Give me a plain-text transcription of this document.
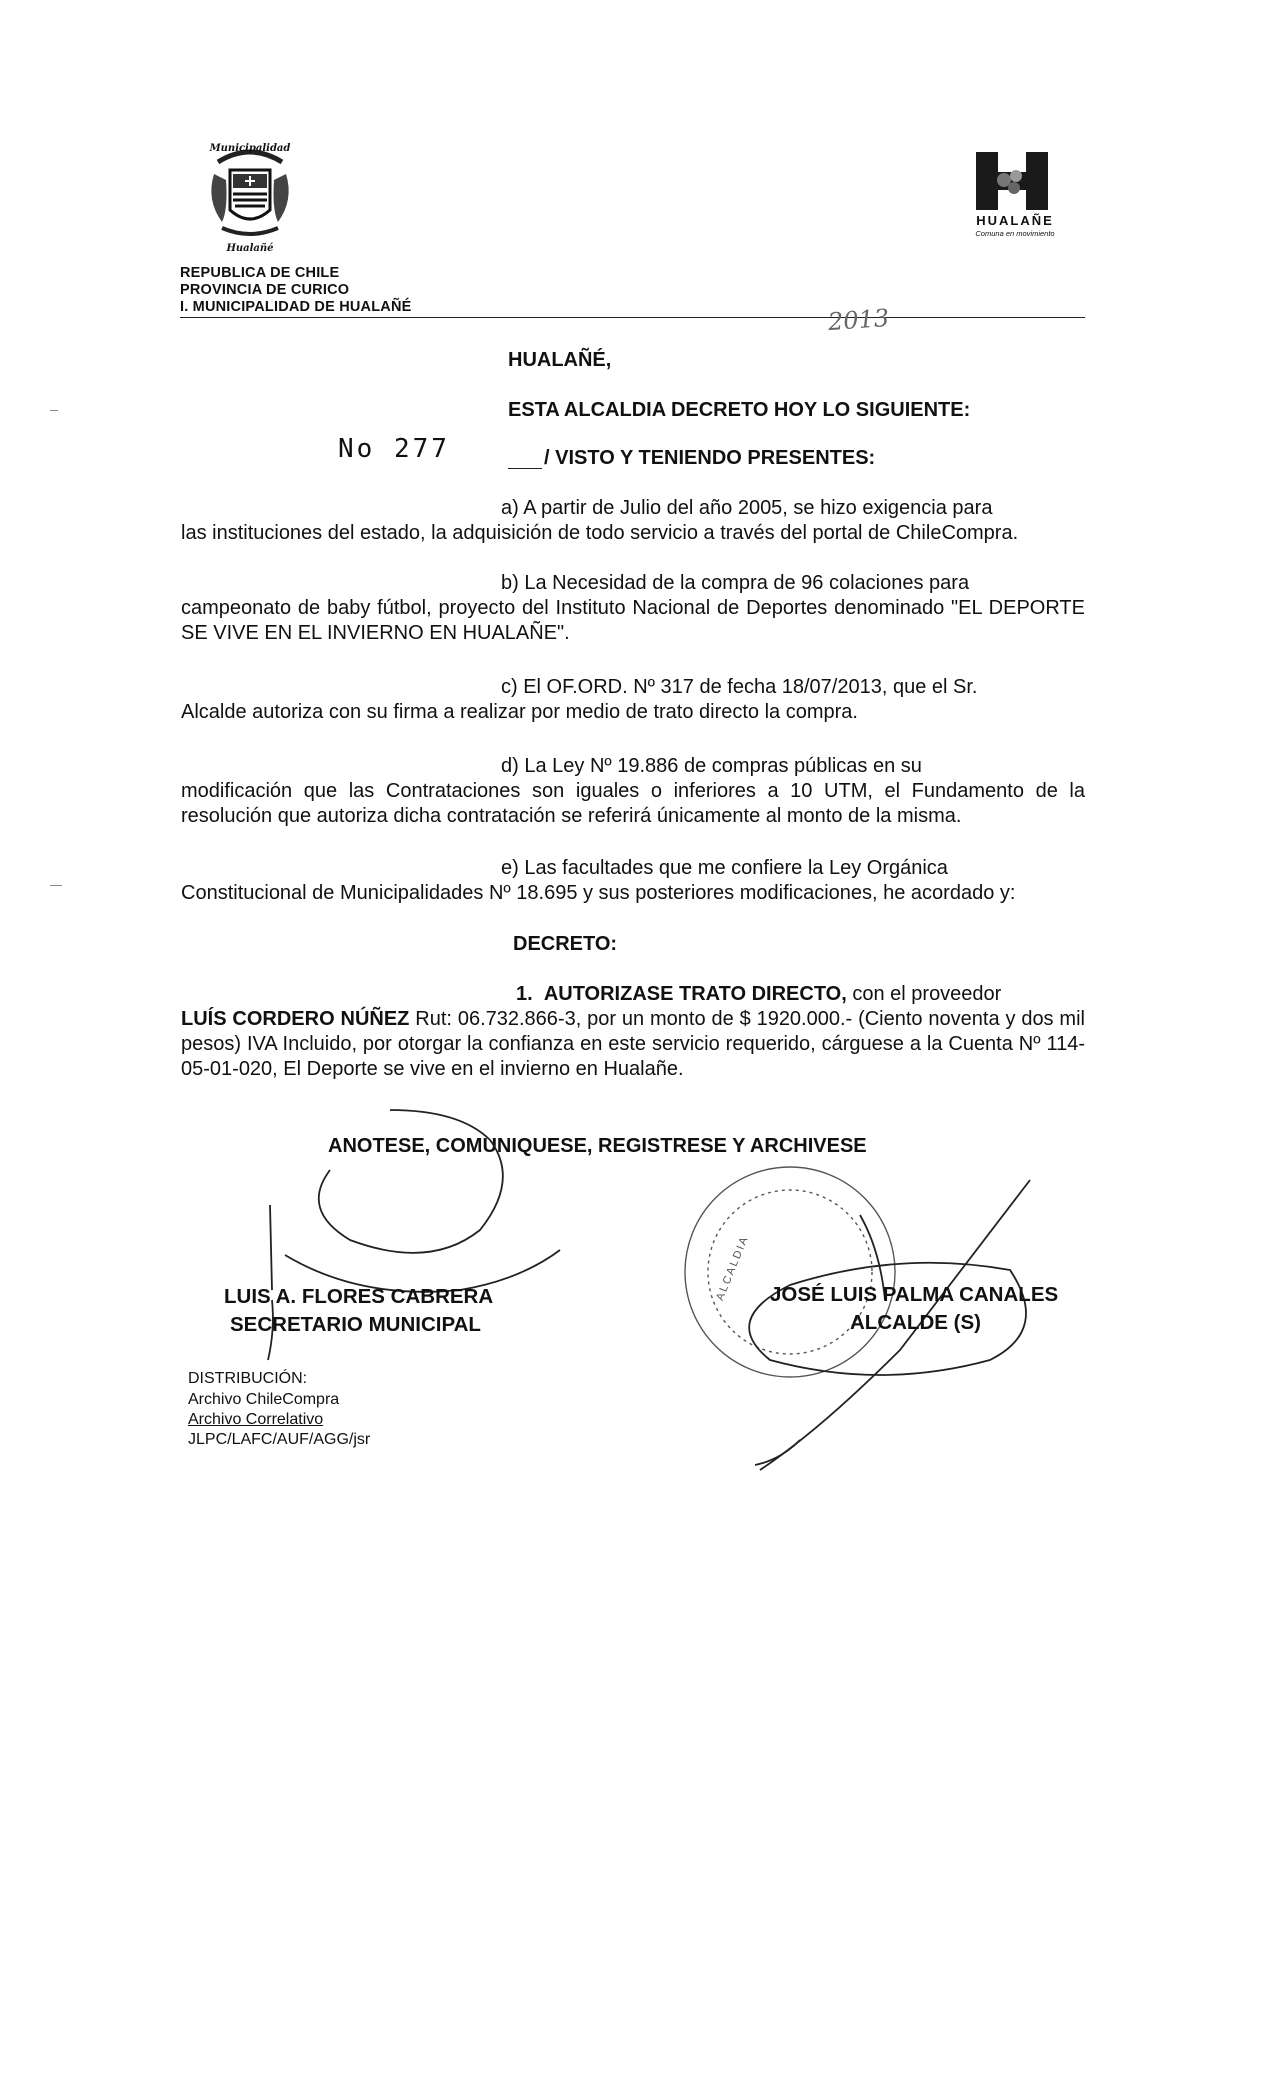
Municipalidad
Hualañé
REPUBLICA DE CHILE
PROVINCIA DE CURICO
I. MUNICIPALIDAD DE HUALAÑÉ
HUALAÑE
Comuna en movimiento
2013
HUALAÑÉ,
ESTA ALCALDIA DECRETO HOY LO SIGUIENTE:
No 277	/ VISTO Y TENIENDO PRESENTES:
a) A partir de Julio del año 2005, se hizo exigencia para
las instituciones del estado, la adquisición de todo servicio a través del portal de ChileCompra.
b) La Necesidad de la compra de 96 colaciones para
campeonato de baby fútbol, proyecto del Instituto Nacional de Deportes denominado "EL DEPORTE SE VIVE EN EL INVIERNO EN HUALAÑE".
c) El OF.ORD. Nº 317 de fecha 18/07/2013, que el Sr.
Alcalde autoriza con su firma a realizar por medio de trato directo la compra.
d) La Ley Nº 19.886 de compras públicas en su
modificación que las Contrataciones son iguales o inferiores a 10 UTM, el Fundamento de la resolución que autoriza dicha contratación se referirá únicamente al monto de la misma.
e) Las facultades que me confiere la Ley Orgánica
Constitucional de Municipalidades Nº 18.695 y sus posteriores modificaciones, he acordado y:
DECRETO:
1. AUTORIZASE TRATO DIRECTO, con el proveedor
LUÍS CORDERO NÚÑEZ Rut: 06.732.866-3, por un monto de $ 1920.000.- (Ciento noventa y dos mil pesos) IVA Incluido, por otorgar la confianza en este servicio requerido, cárguese a la Cuenta Nº 114-05-01-020, El Deporte se vive en el invierno en Hualañe.
ANOTESE, COMUNIQUESE, REGISTRESE Y ARCHIVESE
ALCALDIA
LUIS A. FLORES CABRERA
SECRETARIO MUNICIPAL
JOSÉ LUIS PALMA CANALES
ALCALDE (S)
DISTRIBUCIÓN:
Archivo ChileCompra
Archivo Correlativo
JLPC/LAFC/AUF/AGG/jsr
